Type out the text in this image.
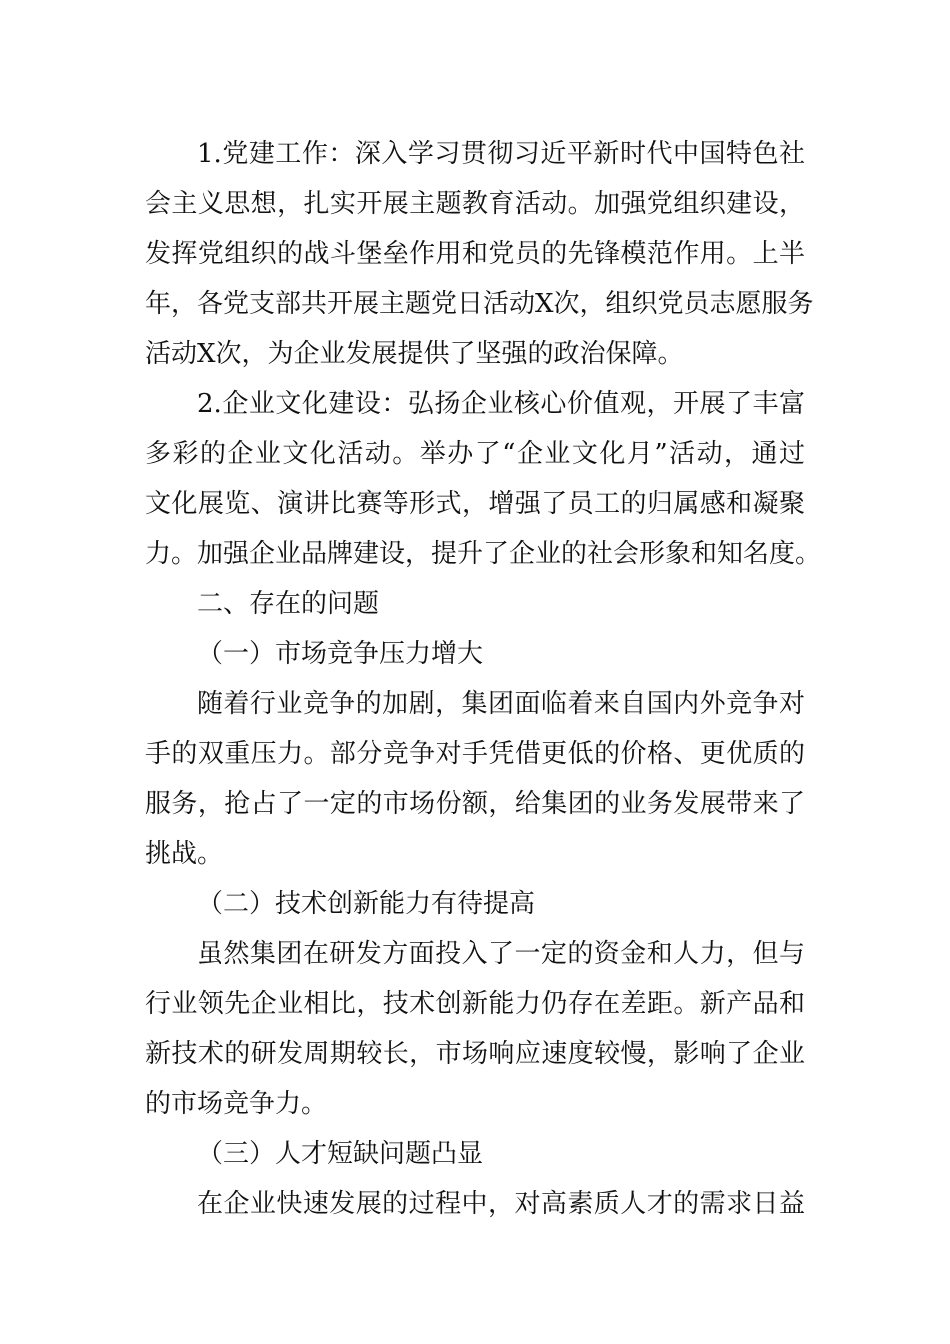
1.党建工作：深入学习贯彻习近平新时代中国特色社
会主义思想，扎实开展主题教育活动。加强党组织建设，
发挥党组织的战斗堡垒作用和党员的先锋模范作用。上半
年，各党支部共开展主题党日活动X次，组织党员志愿服务
活动X次，为企业发展提供了坚强的政治保障。
2.企业文化建设：弘扬企业核心价值观，开展了丰富
多彩的企业文化活动。举办了“企业文化月”活动，通过
文化展览、演讲比赛等形式，增强了员工的归属感和凝聚
力。加强企业品牌建设，提升了企业的社会形象和知名度。
二、存在的问题
（一）市场竞争压力增大
随着行业竞争的加剧，集团面临着来自国内外竞争对
手的双重压力。部分竞争对手凭借更低的价格、更优质的
服务，抢占了一定的市场份额，给集团的业务发展带来了
挑战。
（二）技术创新能力有待提高
虽然集团在研发方面投入了一定的资金和人力，但与
行业领先企业相比，技术创新能力仍存在差距。新产品和
新技术的研发周期较长，市场响应速度较慢，影响了企业
的市场竞争力。
（三）人才短缺问题凸显
在企业快速发展的过程中，对高素质人才的需求日益
